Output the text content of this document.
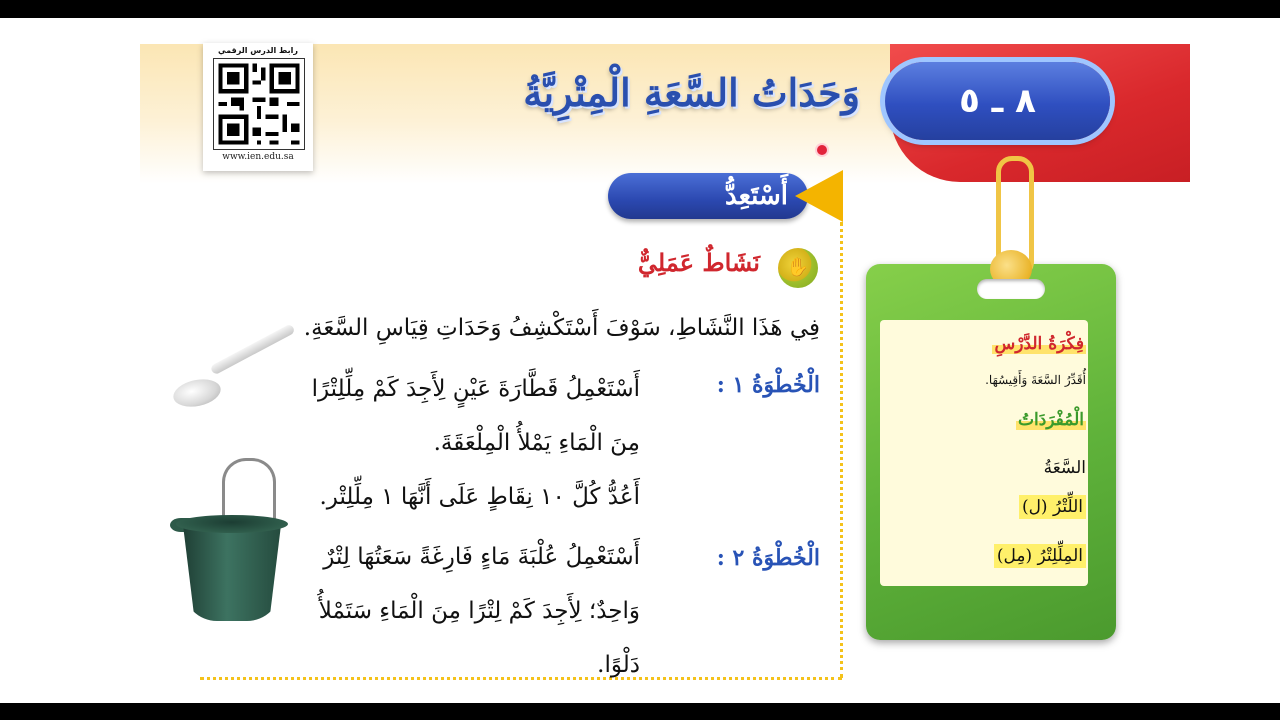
٨ ـ ٥
وَحَدَاتُ السَّعَةِ الْمِتْرِيَّةُ
رابط الدرس الرقمي
www.ien.edu.sa
أَسْتَعِدُّ
✋
نَشَاطٌ عَمَلِيٌّ
فِي هَذَا النَّشَاطِ، سَوْفَ أَسْتَكْشِفُ وَحَدَاتِ قِيَاسِ السَّعَةِ.
الْخُطْوَةُ ١ :
أَسْتَعْمِلُ قَطَّارَةَ عَيْنٍ لِأَجِدَ كَمْ مِلِّلِتْرًا مِنَ الْمَاءِ يَمْلأُ الْمِلْعَقَةَ.
أَعُدُّ كُلَّ ١٠ نِقَاطٍ عَلَى أَنَّهَا ١ مِلِّلِتْر.
الْخُطْوَةُ ٢ :
أَسْتَعْمِلُ عُلْبَةَ مَاءٍ فَارِغَةً سَعَتُهَا لِتْرٌ وَاحِدٌ؛ لِأَجِدَ كَمْ لِتْرًا مِنَ الْمَاءِ سَتَمْلأُ دَلْوًا.
فِكْرَةُ الدَّرْسِ
أُقَدِّرُ السَّعَةَ وَأَقِيسُهَا.
الْمُفْرَدَاتُ
السَّعَةُ
اللِّتْرُ (ل)
المِلِّلِتْرُ (مِل)
